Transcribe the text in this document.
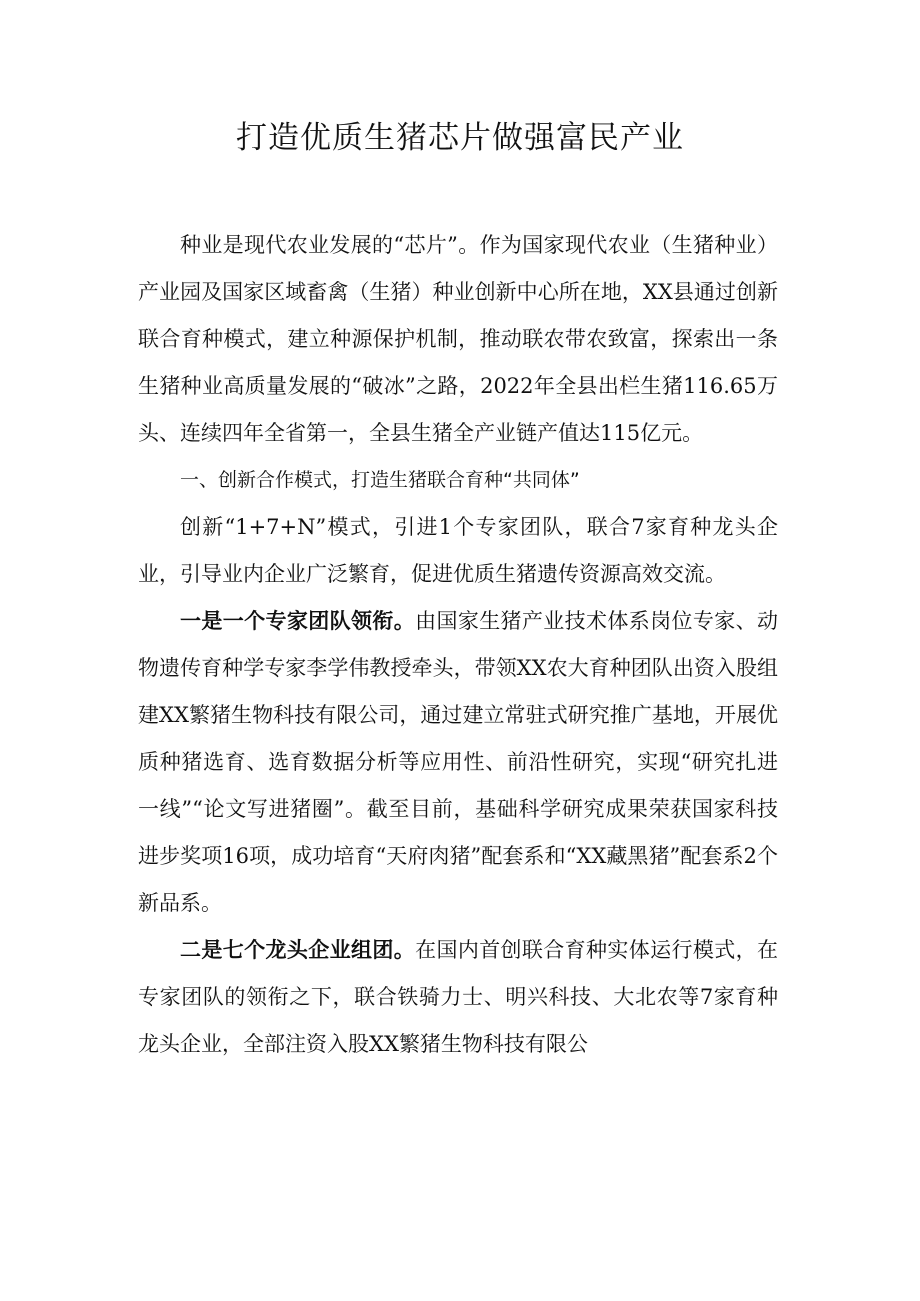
打造优质生猪芯片做强富民产业

种业是现代农业发展的“芯片”。作为国家现代农业（生猪种业）产业园及国家区域畜禽（生猪）种业创新中心所在地，XX县通过创新联合育种模式，建立种源保护机制，推动联农带农致富，探索出一条生猪种业高质量发展的“破冰”之路，2022年全县出栏生猪116.65万头、连续四年全省第一，全县生猪全产业链产值达115亿元。

一、创新合作模式，打造生猪联合育种“共同体”

创新“1+7+N”模式，引进1个专家团队，联合7家育种龙头企业，引导业内企业广泛繁育，促进优质生猪遗传资源高效交流。

一是一个专家团队领衔。由国家生猪产业技术体系岗位专家、动物遗传育种学专家李学伟教授牵头，带领XX农大育种团队出资入股组建XX繁猪生物科技有限公司，通过建立常驻式研究推广基地，开展优质种猪选育、选育数据分析等应用性、前沿性研究，实现“研究扎进一线”“论文写进猪圈”。截至目前，基础科学研究成果荣获国家科技进步奖项16项，成功培育“天府肉猪”配套系和“XX藏黑猪”配套系2个新品系。

二是七个龙头企业组团。在国内首创联合育种实体运行模式，在专家团队的领衔之下，联合铁骑力士、明兴科技、大北农等7家育种龙头企业，全部注资入股XX繁猪生物科技有限公
